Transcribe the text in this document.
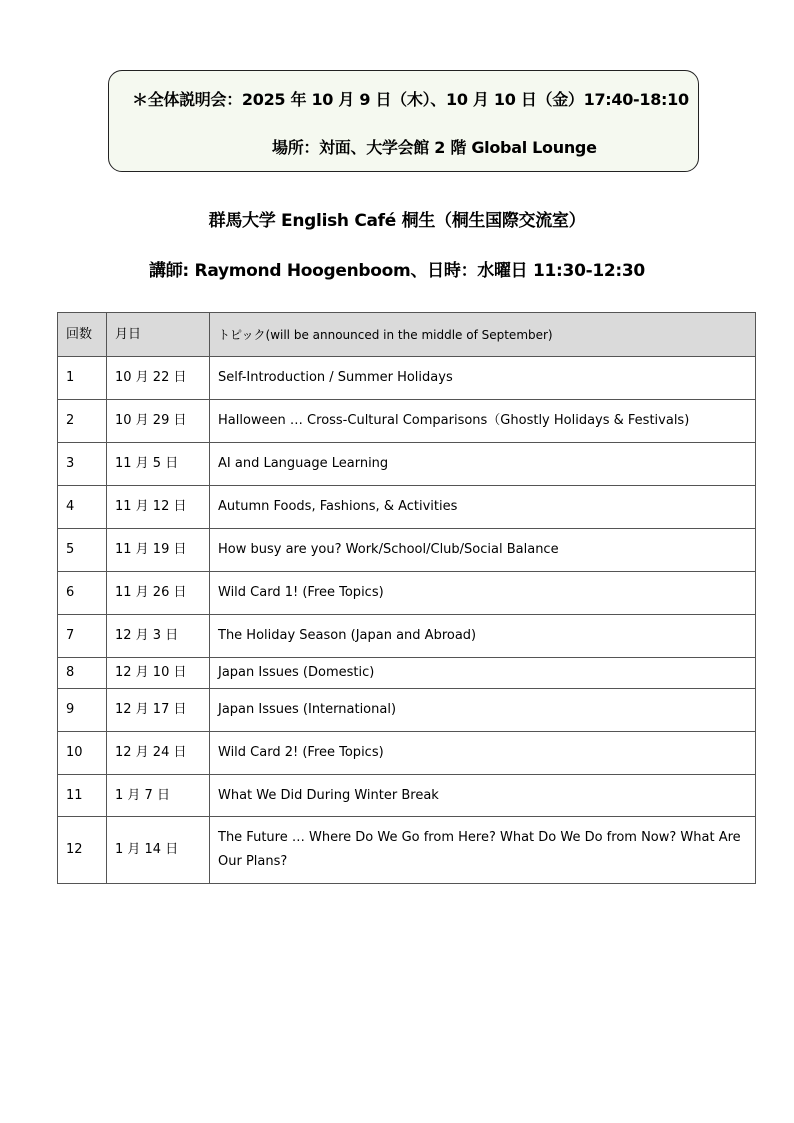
＊全体説明会：2025 年 10 月 9 日（木）、10 月 10 日（金）17:40-18:10
場所：対面、大学会館 2 階 Global Lounge
群馬大学 English Café 桐生（桐生国際交流室）
講師: Raymond Hoogenboom、日時：水曜日 11:30-12:30
回数	月日	トピック(will be announced in the middle of September)
1	10 月 22 日	Self-Introduction / Summer Holidays
2	10 月 29 日	Halloween … Cross-Cultural Comparisons（Ghostly Holidays & Festivals)
3	11 月 5 日	AI and Language Learning
4	11 月 12 日	Autumn Foods, Fashions, & Activities
5	11 月 19 日	How busy are you? Work/School/Club/Social Balance
6	11 月 26 日	Wild Card 1! (Free Topics)
7	12 月 3 日	The Holiday Season (Japan and Abroad)
8	12 月 10 日	Japan Issues (Domestic)
9	12 月 17 日	Japan Issues (International)
10	12 月 24 日	Wild Card 2! (Free Topics)
11	1 月 7 日	What We Did During Winter Break
12	1 月 14 日	The Future … Where Do We Go from Here? What Do We Do from Now? What Are Our Plans?
